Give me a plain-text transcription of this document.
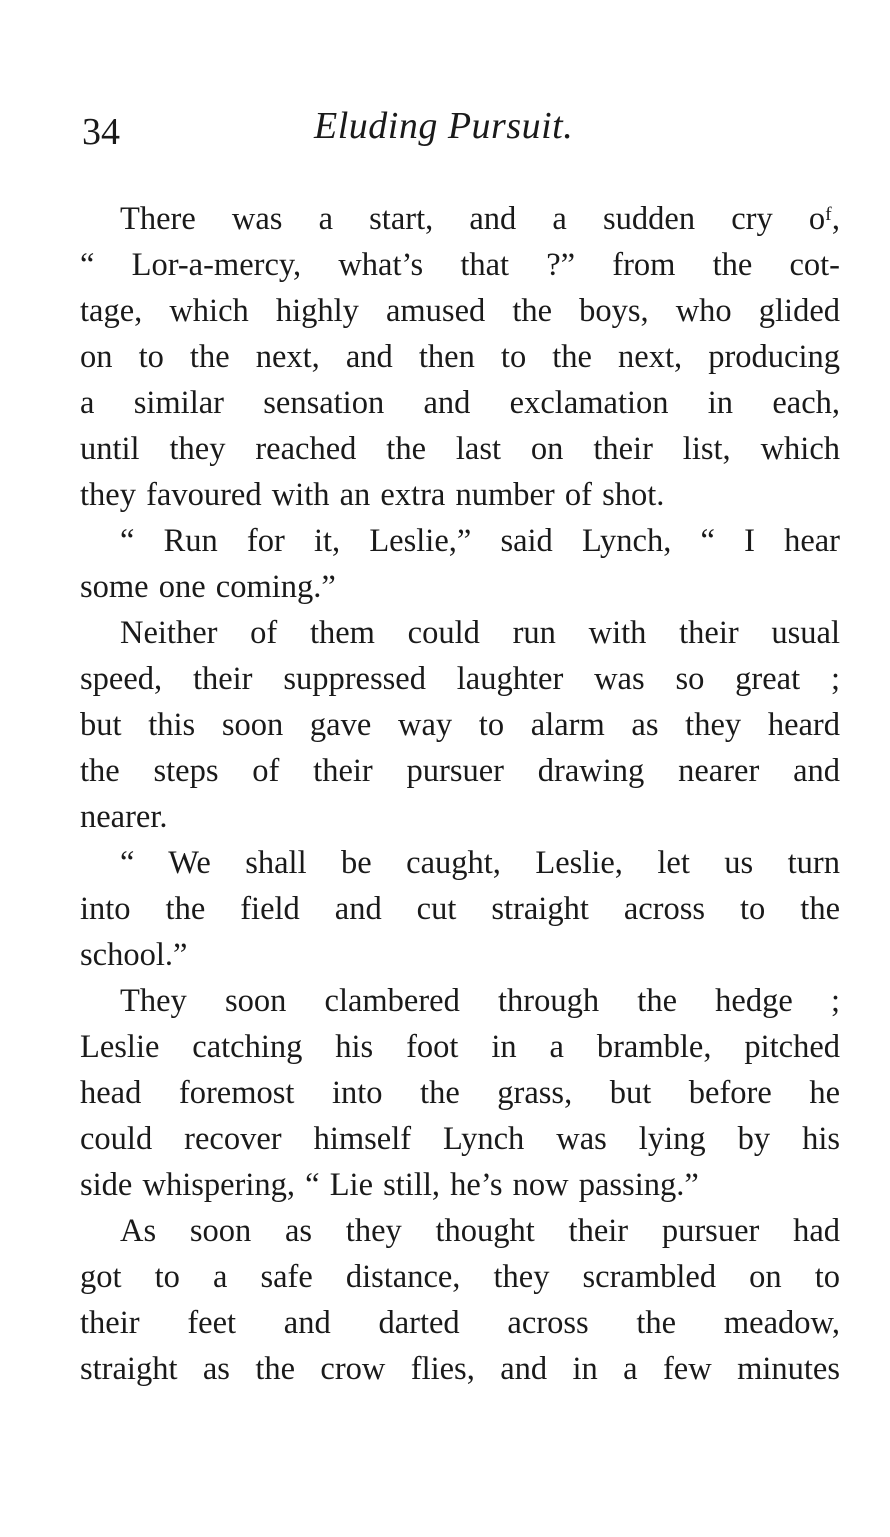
34	Eluding Pursuit.
There was a start, and a sudden cry oᶠ,
“ Lor-a-mercy, what’s that ?” from the cot-
tage, which highly amused the boys, who glided
on to the next, and then to the next, producing
a similar sensation and exclamation in each,
until they reached the last on their list, which
they favoured with an extra number of shot.
“ Run for it, Leslie,” said Lynch, “ I hear
some one coming.”
Neither of them could run with their usual
speed, their suppressed laughter was so great ;
but this soon gave way to alarm as they heard
the steps of their pursuer drawing nearer and
nearer.
“ We shall be caught, Leslie, let us turn
into the field and cut straight across to the
school.”
They soon clambered through the hedge ;
Leslie catching his foot in a bramble, pitched
head foremost into the grass, but before he
could recover himself Lynch was lying by his
side whispering, “ Lie still, he’s now passing.”
As soon as they thought their pursuer had
got to a safe distance, they scrambled on to
their feet and darted across the meadow,
straight as the crow flies, and in a few minutes
